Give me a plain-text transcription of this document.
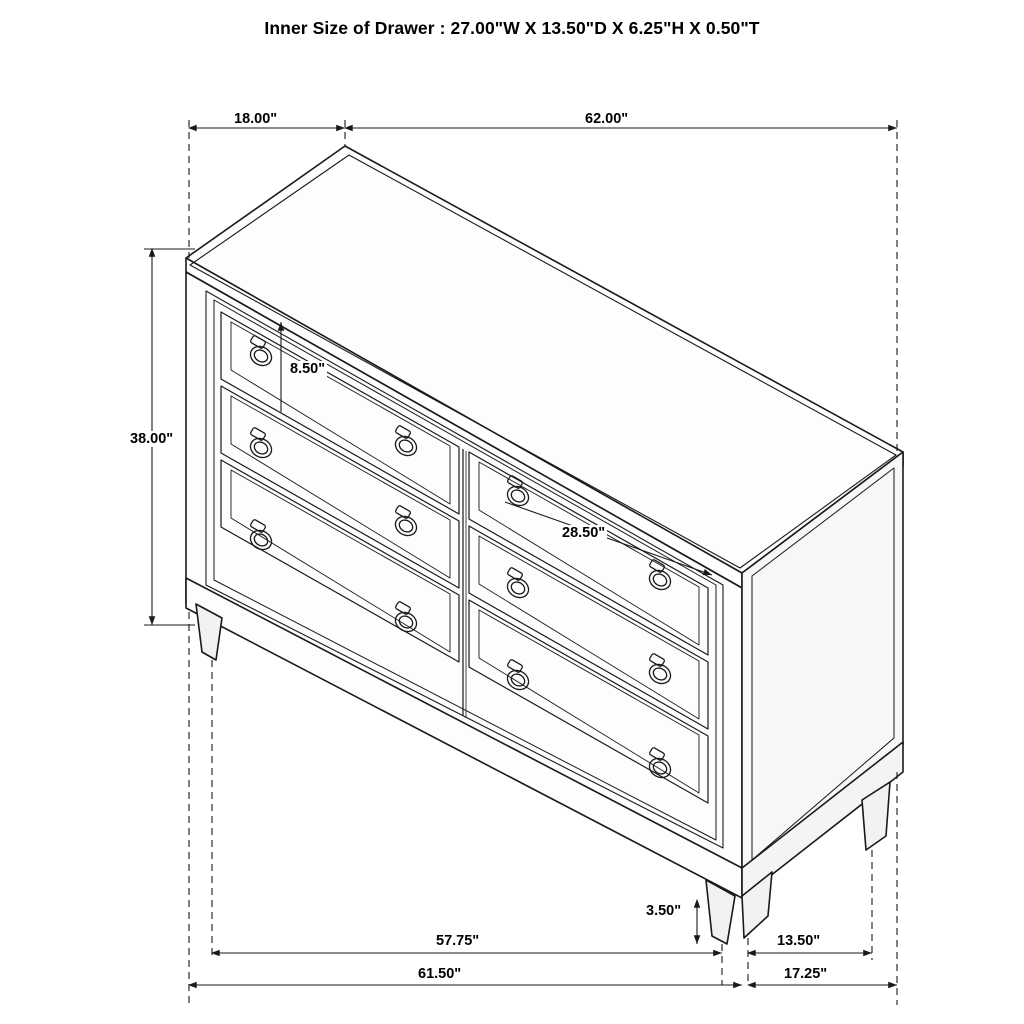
Inner Size of Drawer : 27.00"W X 13.50"D X 6.25"H X 0.50"T
18.00"	62.00"
38.00"
8.50"
28.50"
3.50"
57.75"	13.50"
61.50"	17.25"
